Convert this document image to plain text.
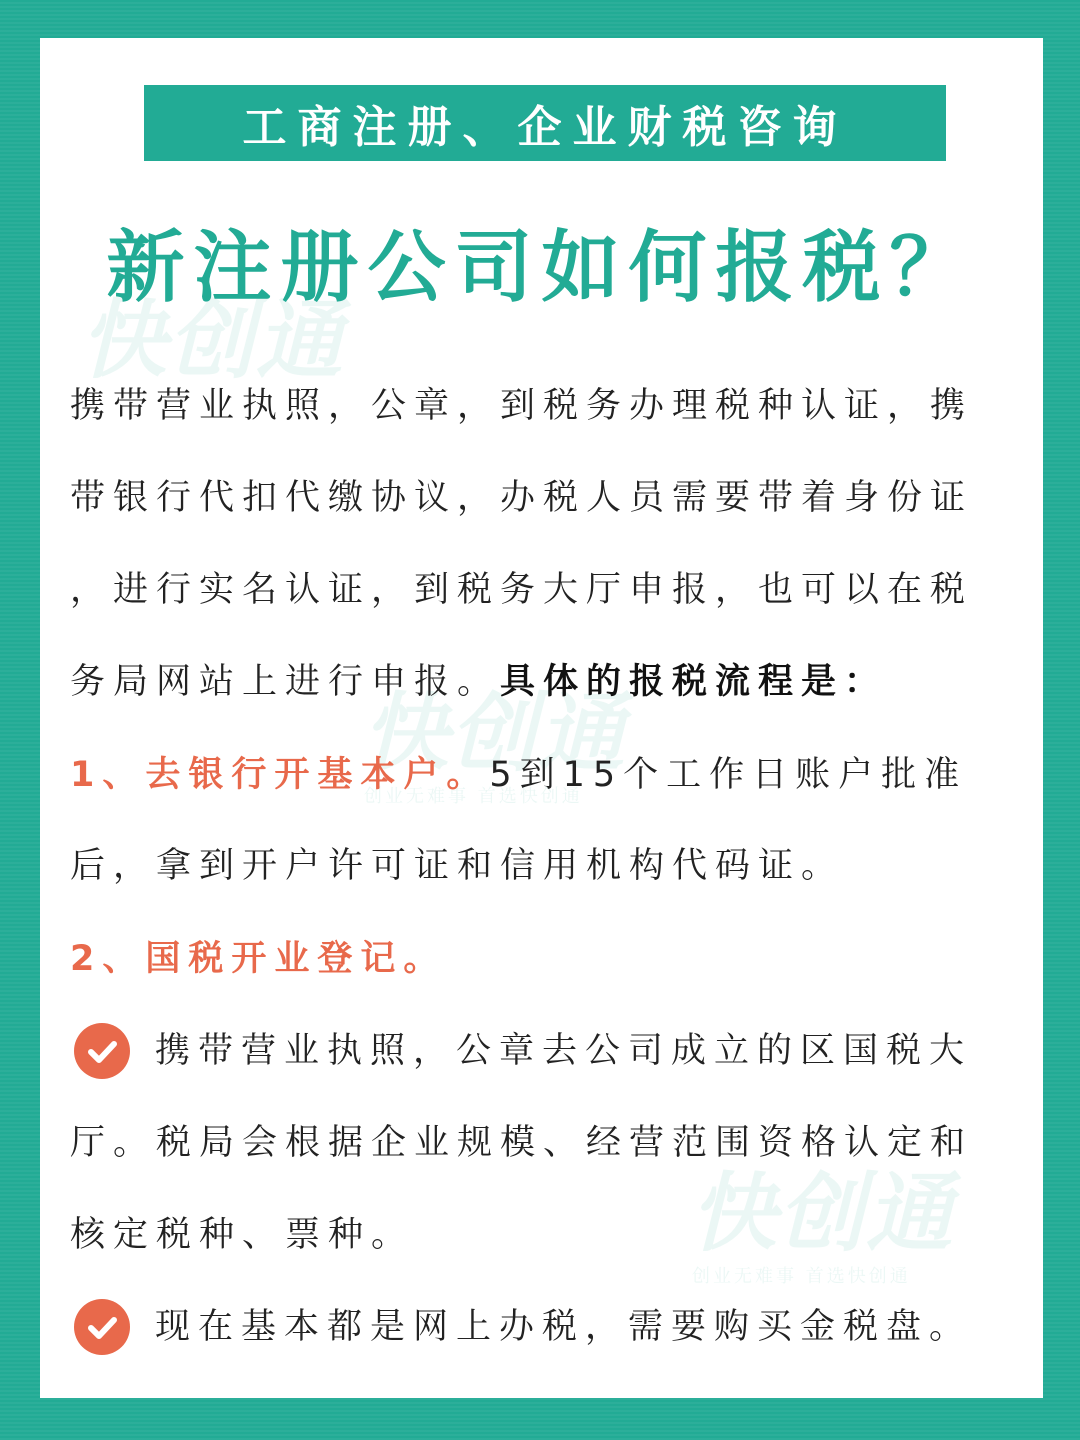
快创通
快创通
创业无难事 首选快创通
快创通
创业无难事 首选快创通
工商注册、企业财税咨询
新注册公司如何报税？
携带营业执照，公章，到税务办理税种认证，携
带银行代扣代缴协议，办税人员需要带着身份证
，进行实名认证，到税务大厅申报，也可以在税
务局网站上进行申报。具体的报税流程是：
1、去银行开基本户。5到15个工作日账户批准
后，拿到开户许可证和信用机构代码证。
2、国税开业登记。
携带营业执照，公章去公司成立的区国税大
厅。税局会根据企业规模、经营范围资格认定和
核定税种、票种。
现在基本都是网上办税，需要购买金税盘。
